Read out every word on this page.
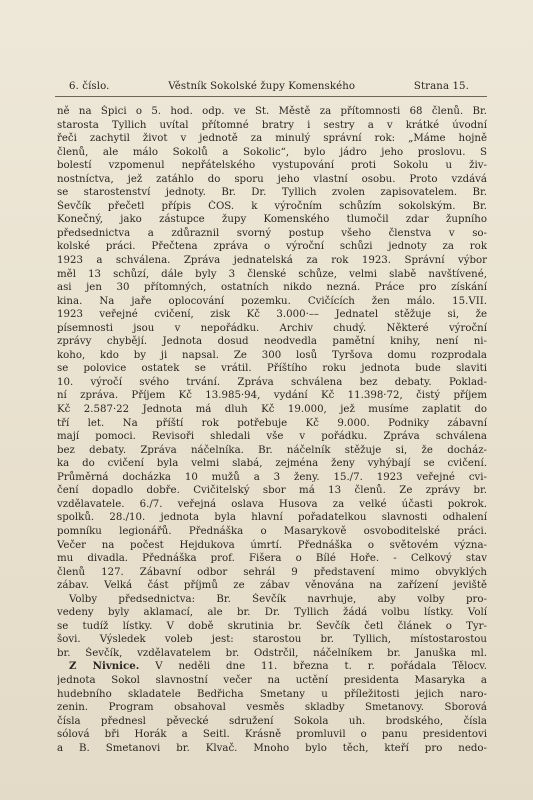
6. číslo.	Věstník Sokolské župy Komenského	Strana 15.
ně na Špici o 5. hod. odp. ve St. Městě za přítomnosti 68 členů. Br.
starosta Tyllich uvítal přítomné bratry i sestry a v krátké úvodní
řeči zachytil život v jednotě za minulý správní rok: „Máme hojně
členů, ale málo Sokolů a Sokolic“, bylo jádro jeho proslovu. S
bolestí vzpomenul nepřátelského vystupování proti Sokolu u živ-
nostníctva, jež zatáhlo do sporu jeho vlastní osobu. Proto vzdává
se starostenství jednoty. Br. Dr. Tyllich zvolen zapisovatelem. Br.
Ševčík přečetl přípis ČOS. k výročním schůzím sokolským. Br.
Konečný, jako zástupce župy Komenského tlumočil zdar župního
předsednictva a zdůraznil svorný postup všeho členstva v so-
kolské práci. Přečtena zpráva o výroční schůzi jednoty za rok
1923 a schválena. Zpráva jednatelská za rok 1923. Správní výbor
měl 13 schůzí, dále byly 3 členské schůze, velmi slabě navštívené,
asi jen 30 přítomných, ostatních nikdo nezná. Práce pro získání
kina. Na jaře oplocování pozemku. Cvičících žen málo. 15.VII.
1923 veřejné cvičení, zisk Kč 3.000·–– Jednatel stěžuje si, že
písemnosti jsou v nepořádku. Archiv chudý. Některé výroční
zprávy chybějí. Jednota dosud neodvedla pamětní knihy, není ni-
koho, kdo by ji napsal. Ze 300 losů Tyršova domu rozprodala
se polovice ostatek se vrátil. Příštího roku jednota bude slaviti
10. výročí svého trvání. Zpráva schválena bez debaty. Poklad-
ní zpráva. Příjem Kč 13.985·94, vydání Kč 11.398·72, čistý příjem
Kč 2.587·22 Jednota má dluh Kč 19.000, jež musíme zaplatit do
tří let. Na příští rok potřebuje Kč 9.000. Podniky zábavní
mají pomoci. Revisoři shledali vše v pořádku. Zpráva schválena
bez debaty. Zpráva náčelníka. Br. náčelník stěžuje si, že docház-
ka do cvičení byla velmi slabá, zejména ženy vyhýbají se cvičení.
Průměrná docházka 10 mužů a 3 ženy. 15./7. 1923 veřejné cvi-
čení dopadlo dobře. Cvičitelský sbor má 13 členů. Ze zprávy br.
vzdělavatele. 6./7. veřejná oslava Husova za velké účasti pokrok.
spolků. 28./10. jednota byla hlavní pořadatelkou slavnosti odhalení
pomníku legionářů. Přednáška o Masarykově osvoboditelské práci.
Večer na počest Hejdukova úmrtí. Přednáška o světovém význa-
mu divadla. Přednáška prof. Fišera o Bílé Hoře. - Celkový stav
členů 127. Zábavní odbor sehrál 9 představení mimo obvyklých
zábav. Velká část příjmů ze zábav věnována na zařízení jeviště
Volby předsednictva: Br. Ševčík navrhuje, aby volby pro-
vedeny byly aklamací, ale br. Dr. Tyllich žádá volbu lístky. Volí
se tudíž lístky. V době skrutinia br. Ševčík četl článek o Tyr-
šovi. Výsledek voleb jest: starostou br. Tyllich, místostarostou
br. Ševčík, vzdělavatelem br. Odstrčil, náčelníkem br. Januška ml.
Z Nivnice. V neděli dne 11. března t. r. pořádala Tělocv.
jednota Sokol slavnostní večer na uctění presidenta Masaryka a
hudebního skladatele Bedřicha Smetany u příležitosti jejich naro-
zenin. Program obsahoval vesměs skladby Smetanovy. Sborová
čísla přednesl pěvecké sdružení Sokola uh. brodského, čísla
sólová bři Horák a Seitl. Krásně promluvil o panu presidentovi
a B. Smetanovi br. Klvač. Mnoho bylo těch, kteří pro nedo-
